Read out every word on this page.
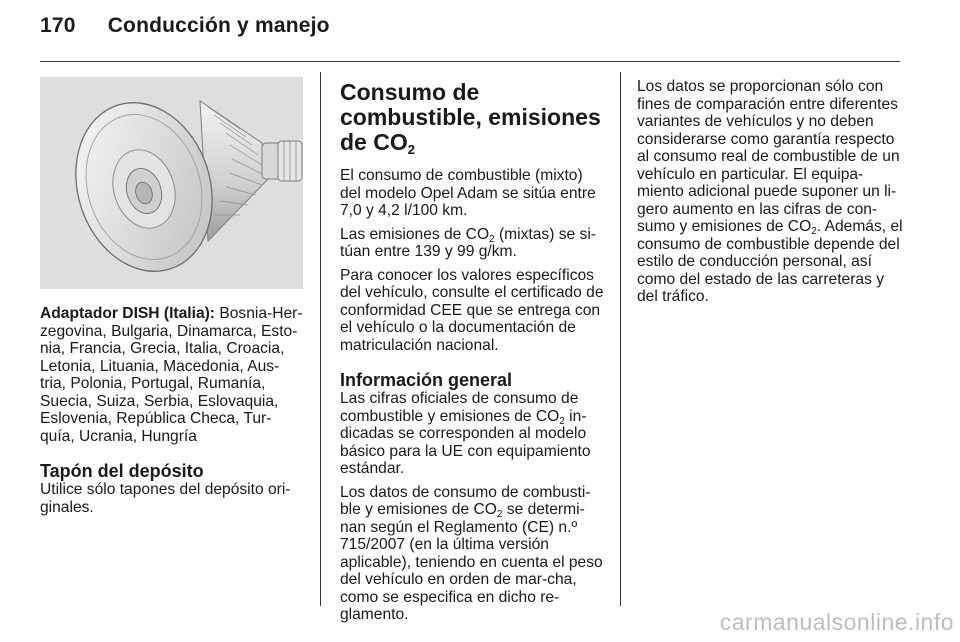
170 Conducción y manejo

Adaptador DISH (Italia): Bosnia-Her-zegovina, Bulgaria, Dinamarca, Esto-nia, Francia, Grecia, Italia, Croacia, Letonia, Lituania, Macedonia, Aus-tria, Polonia, Portugal, Rumanía, Suecia, Suiza, Serbia, Eslovaquia, Eslovenia, República Checa, Tur-quía, Ucrania, Hungría

Tapón del depósito

Utilice sólo tapones del depósito ori-ginales.

Consumo de combustible, emisiones de $CO_2$

El consumo de combustible (mixto) del modelo Opel Adam se sitúa entre 7,0 y 4,2 l/100 km.

Las emisiones de $CO_2$ (mixtas) se si-túan entre 139 y 99 g/km.

Para conocer los valores específicos del vehículo, consulte el certificado de conformidad CEE que se entrega con el vehículo o la documentación de matriculación nacional.

Información general

Las cifras oficiales de consumo de combustible y emisiones de $CO_2$ in-dicadas se corresponden al modelo básico para la UE con equipamiento estándar.

Los datos de consumo de combusti-ble y emisiones de $CO_2$ se determi-nan según el Reglamento (CE) n.º 715/2007 (en la última versión aplicable), teniendo en cuenta el peso del vehículo en orden de mar-cha, como se especifica en dicho re-glamento.

Los datos se proporcionan sólo con fines de comparación entre diferentes variantes de vehículos y no deben considerarse como garantía respecto al consumo real de combustible de un vehículo en particular. El equipa-miento adicional puede suponer un li-gero aumento en las cifras de con-sumo y emisiones de $CO_2$. Además, el consumo de combustible depende del estilo de conducción personal, así como del estado de las carreteras y del tráfico.

carmanualsonline.info
